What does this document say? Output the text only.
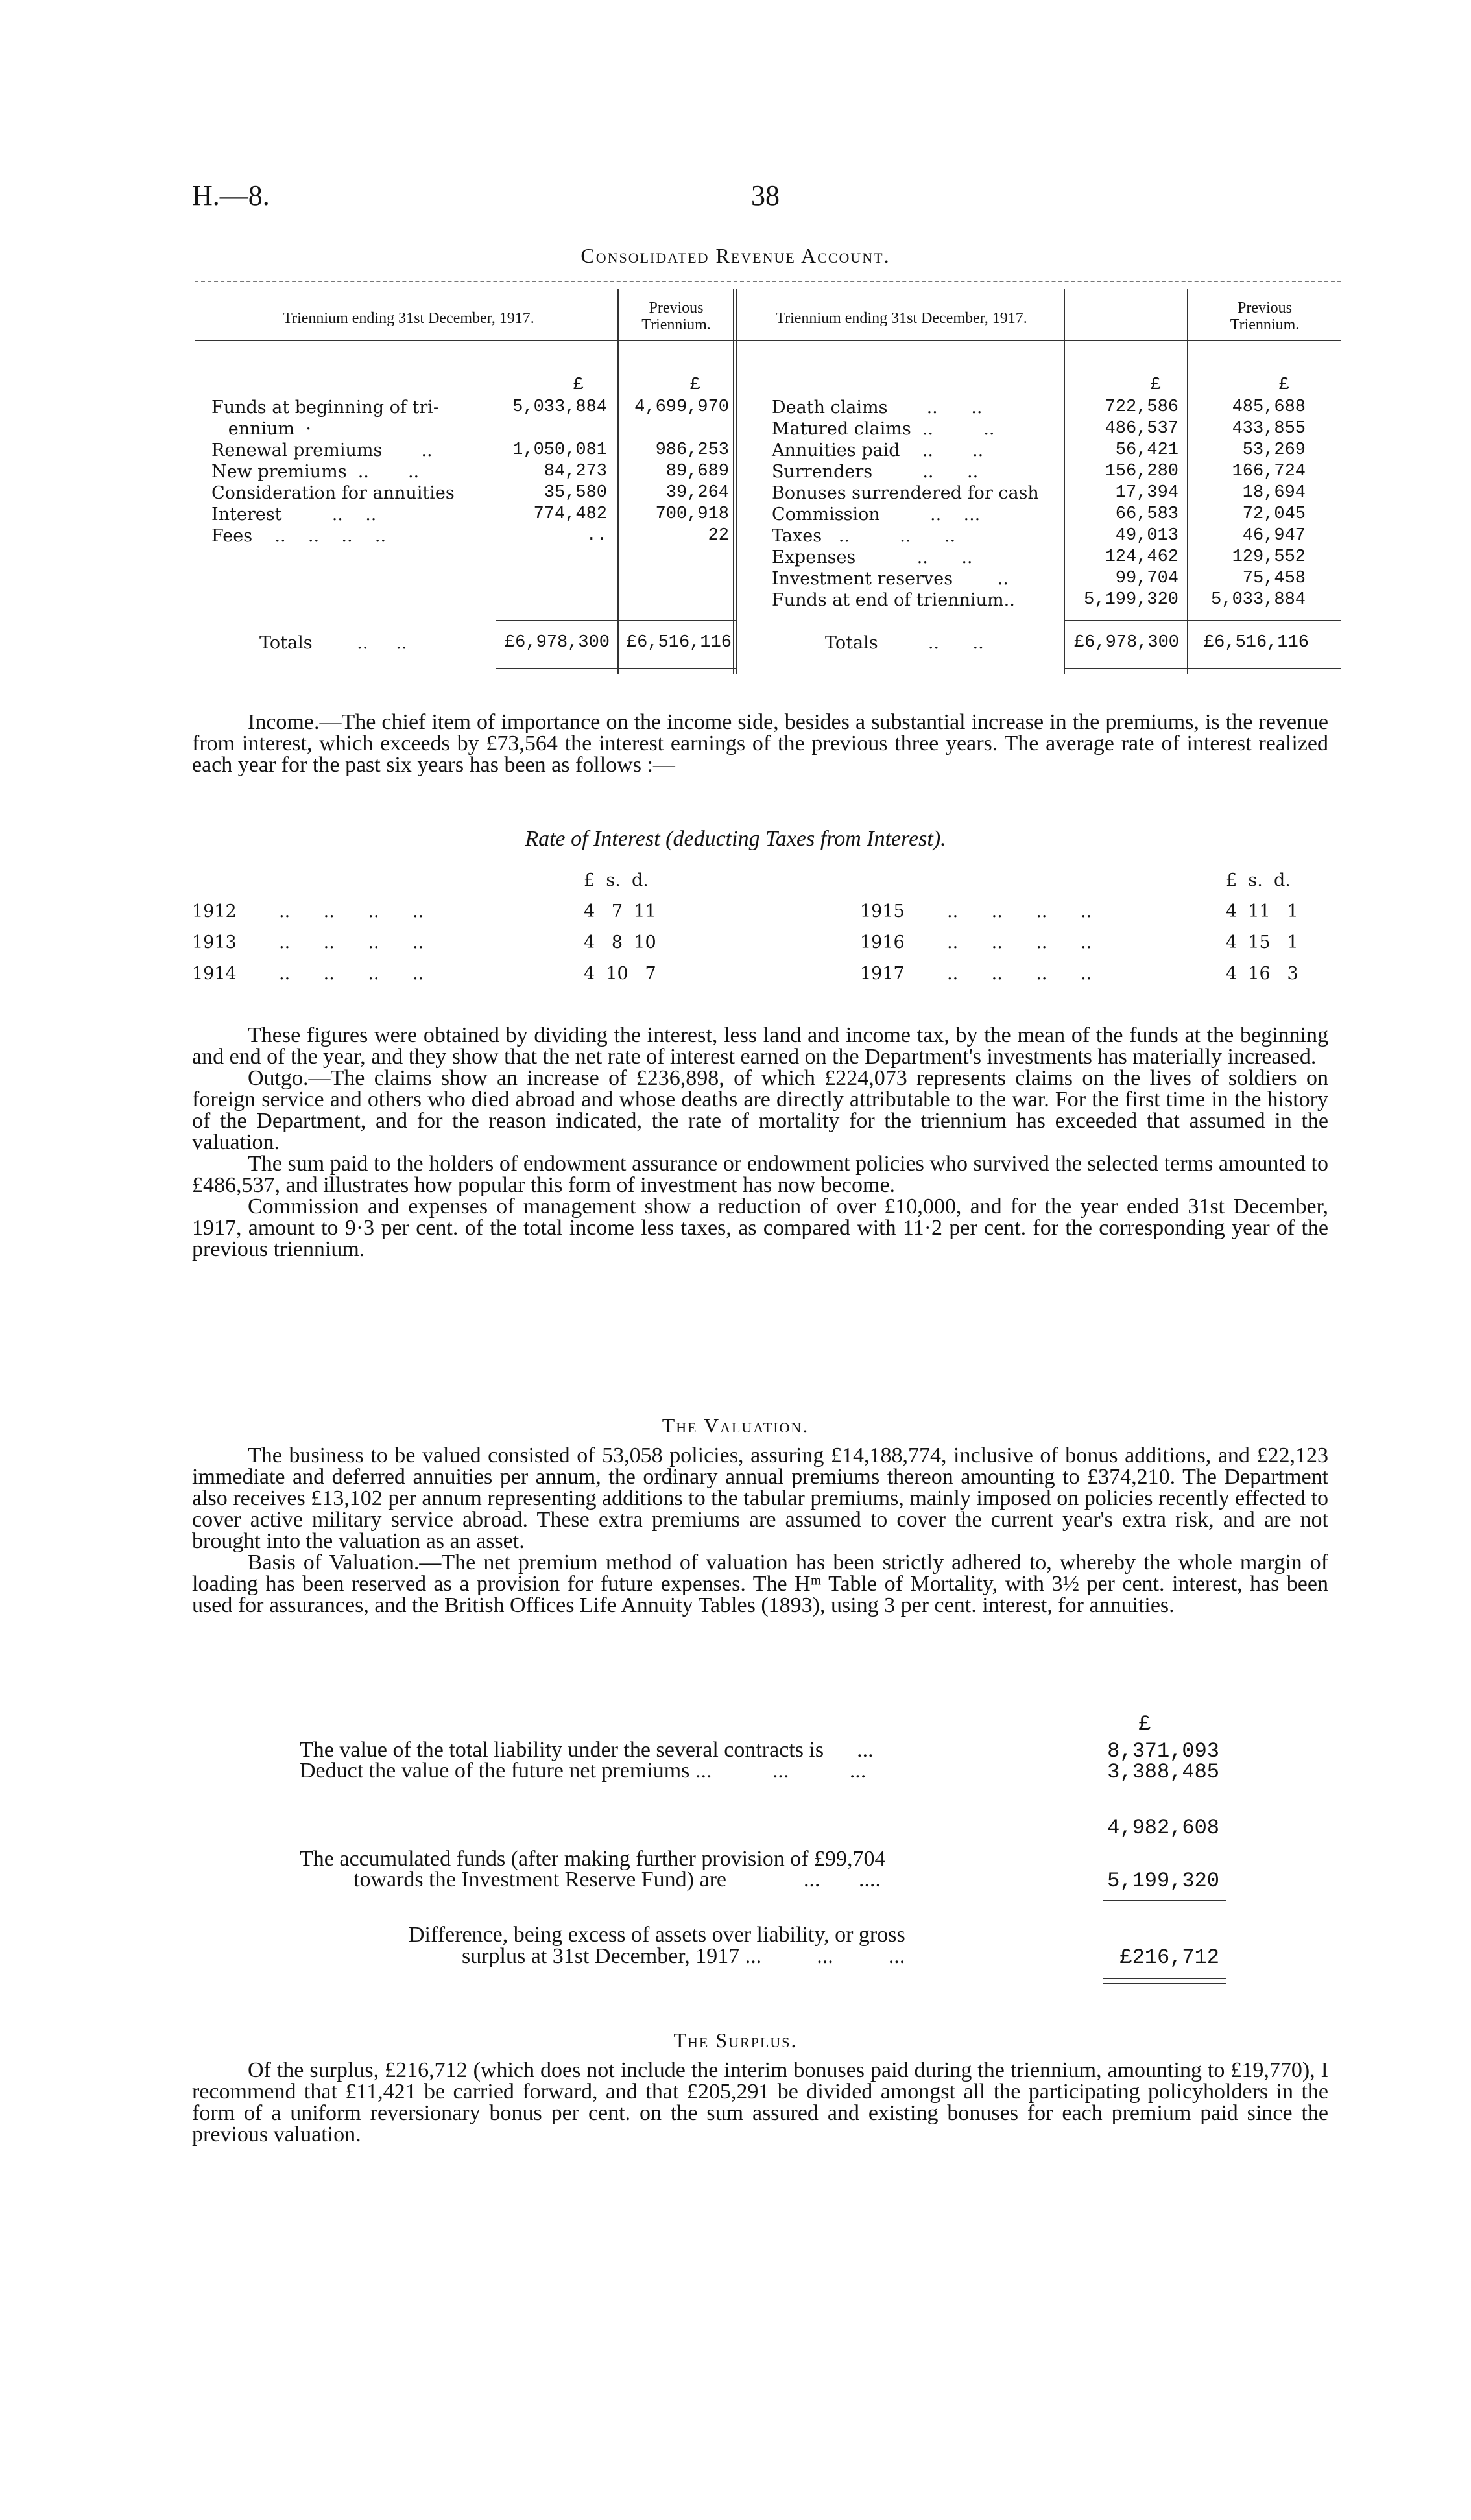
H.—8.	38
Consolidated Revenue Account.
Triennium ending 31st December, 1917.
Previous
Triennium.	Triennium ending 31st December, 1917.
Previous
Triennium.
£	£	£	£
Funds at beginning of tri-	5,033,884	4,699,970
ennium  ·
Renewal premiums       ..	1,050,081	986,253
New premiums  ..       ..	84,273	89,689
Consideration for annuities	35,580	39,264
Interest         ..    ..	774,482	700,918
Fees    ..    ..    ..    ..	..	22
Death claims       ..      ..	722,586	485,688
Matured claims  ..         ..	486,537	433,855
Annuities paid    ..       ..	56,421	53,269
Surrenders         ..      ..	156,280	166,724
Bonuses surrendered for cash	17,394	18,694
Commission         ..    ...	66,583	72,045
Taxes   ..         ..      ..	49,013	46,947
Expenses           ..      ..	124,462	129,552
Investment reserves        ..	99,704	75,458
Funds at end of triennium..	5,199,320	5,033,884
Totals        ..     ..	£6,978,300 £6,516,116	Totals         ..      ..	£6,978,300	£6,516,116
Income.—The chief item of importance on the income side, besides a substantial increase in the premiums, is the revenue from interest, which exceeds by £73,564 the interest earnings of the previous three years. The average rate of interest realized each year for the past six years has been as follows :—
Rate of Interest (deducting Taxes from Interest).
£  s.  d.	£  s.  d.
1912 ..      ..      ..      ..	4   7  11
1913 ..      ..      ..      ..	4   8  10
1914 ..      ..      ..      ..	4  10   7
1915 ..      ..      ..      ..	4  11   1
1916 ..      ..      ..      ..	4  15   1
1917 ..      ..      ..      ..	4  16   3
These figures were obtained by dividing the interest, less land and income tax, by the mean of the funds at the beginning and end of the year, and they show that the net rate of interest earned on the Department's investments has materially increased.
Outgo.—The claims show an increase of £236,898, of which £224,073 represents claims on the lives of soldiers on foreign service and others who died abroad and whose deaths are directly attributable to the war. For the first time in the history of the Department, and for the reason indicated, the rate of mortality for the triennium has exceeded that assumed in the valuation.
The sum paid to the holders of endowment assurance or endowment policies who survived the selected terms amounted to £486,537, and illustrates how popular this form of investment has now become.
Commission and expenses of management show a reduction of over £10,000, and for the year ended 31st December, 1917, amount to 9·3 per cent. of the total income less taxes, as compared with 11·2 per cent. for the corresponding year of the previous triennium.
The Valuation.
The business to be valued consisted of 53,058 policies, assuring £14,188,774, inclusive of bonus additions, and £22,123 immediate and deferred annuities per annum, the ordinary annual premiums thereon amounting to £374,210. The Department also receives £13,102 per annum representing additions to the tabular premiums, mainly imposed on policies recently effected to cover active military service abroad. These extra premiums are assumed to cover the current year's extra risk, and are not brought into the valuation as an asset.
Basis of Valuation.—The net premium method of valuation has been strictly adhered to, whereby the whole margin of loading has been reserved as a provision for future expenses. The Hᵐ Table of Mortality, with 3½ per cent. interest, has been used for assurances, and the British Offices Life Annuity Tables (1893), using 3 per cent. interest, for annuities.
£
The value of the total liability under the several contracts is      ...	8,371,093
Deduct the value of the future net premiums ...           ...           ...	3,388,485
4,982,608
The accumulated funds (after making further provision of £99,704
towards the Investment Reserve Fund) are              ...       ....	5,199,320
Difference, being excess of assets over liability, or gross
surplus at 31st December, 1917 ...          ...          ...	£216,712
The Surplus.
Of the surplus, £216,712 (which does not include the interim bonuses paid during the triennium, amounting to £19,770), I recommend that £11,421 be carried forward, and that £205,291 be divided amongst all the participating policyholders in the form of a uniform reversionary bonus per cent. on the sum assured and existing bonuses for each premium paid since the previous valuation.
